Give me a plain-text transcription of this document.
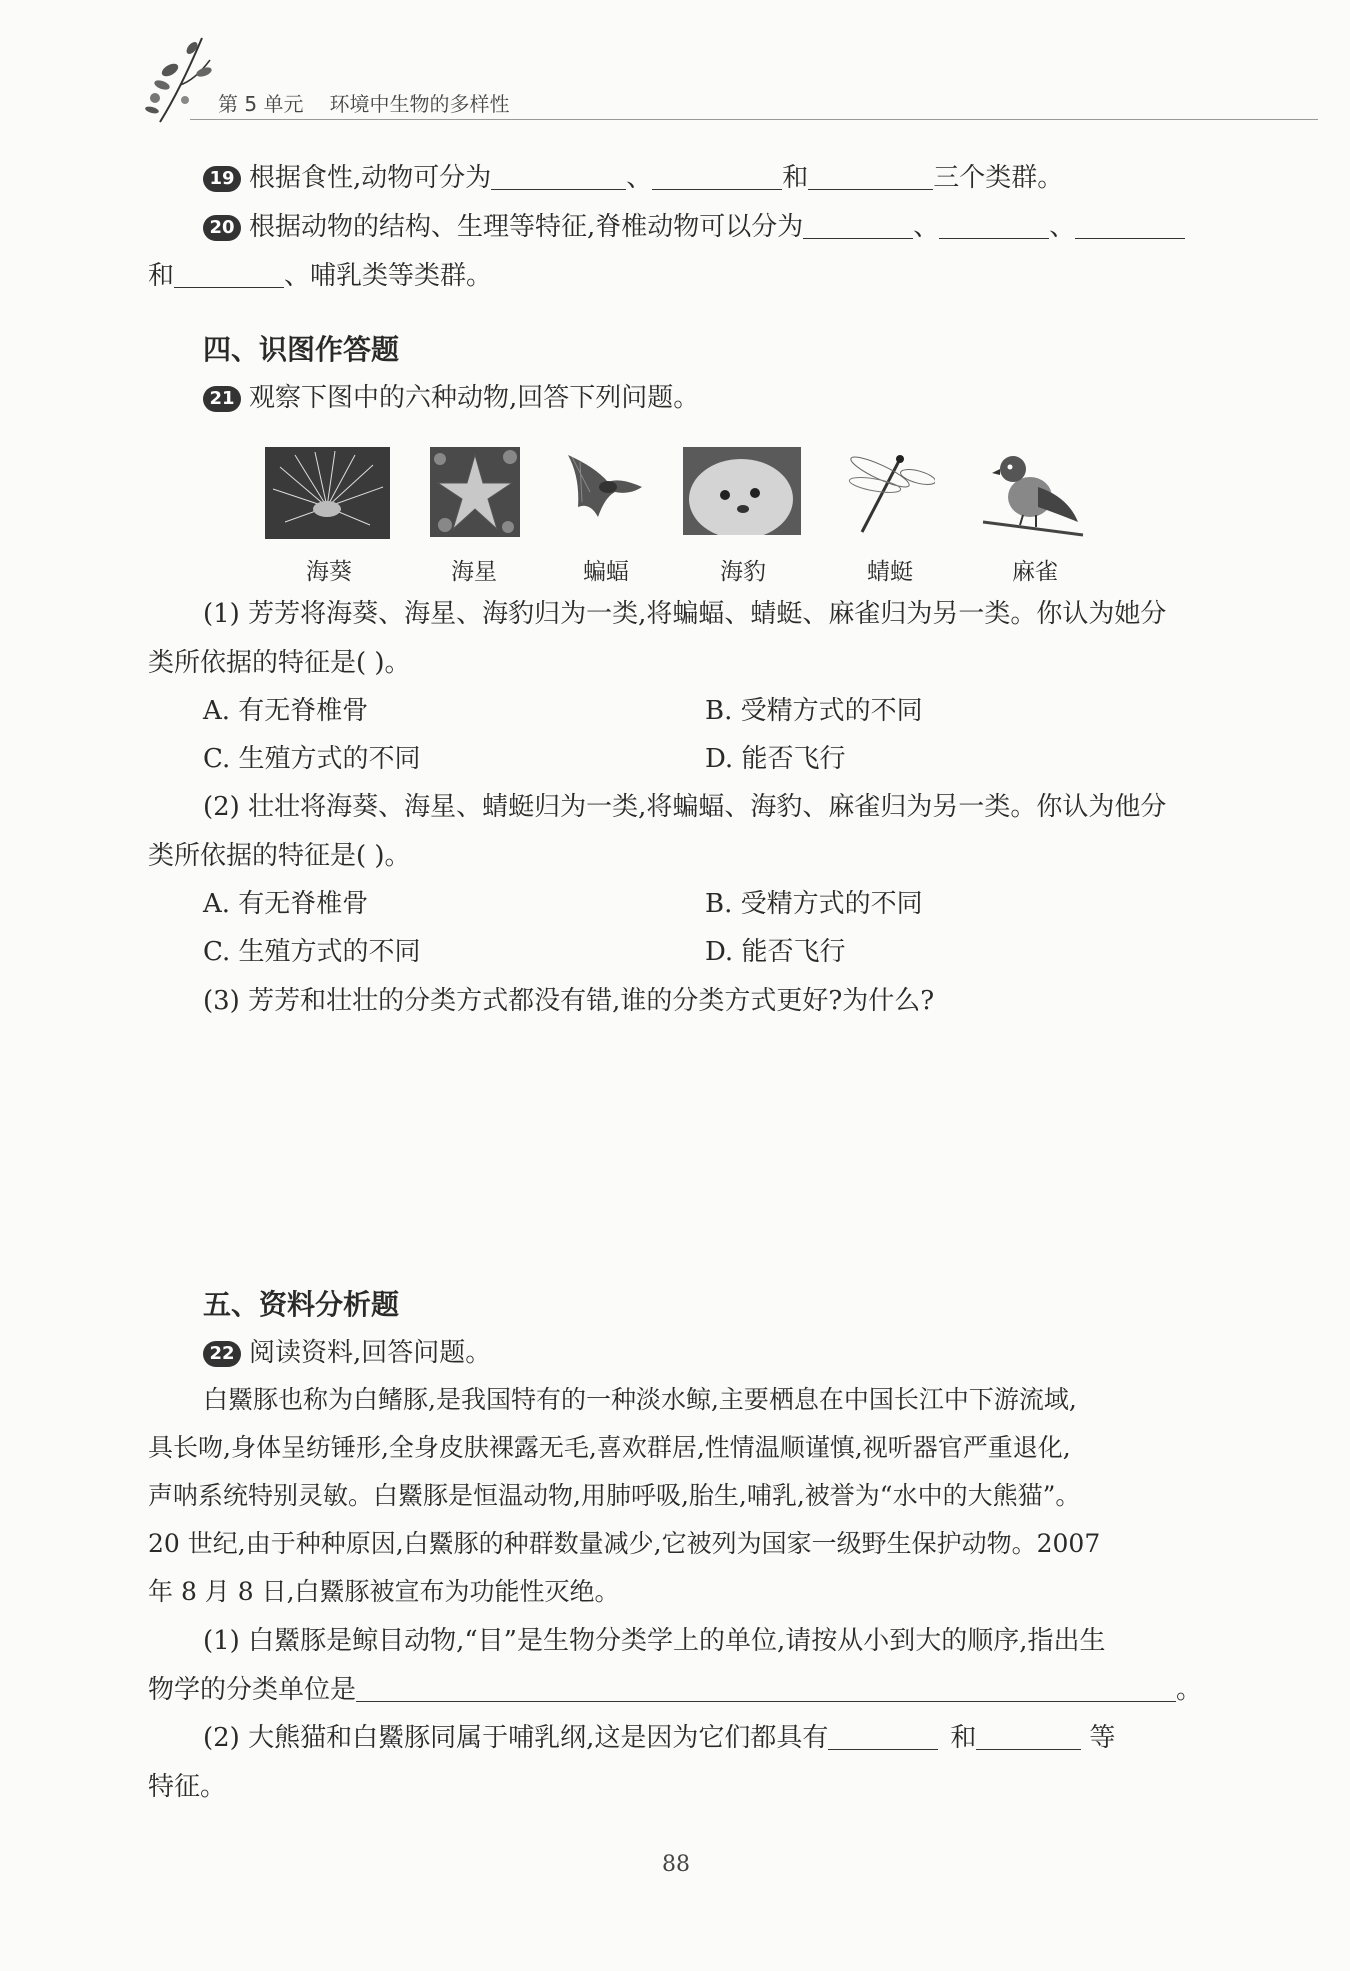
第 5 单元 环境中生物的多样性
19 根据食性,动物可分为	、	和	三个类群。
20 根据动物的结构、生理等特征,脊椎动物可以分为	、	、
和	、哺乳类等类群。
四、识图作答题
21 观察下图中的六种动物,回答下列问题。
海葵	海星	蝙蝠	海豹	蜻蜓	麻雀
(1) 芳芳将海葵、海星、海豹归为一类,将蝙蝠、蜻蜓、麻雀归为另一类。你认为她分
类所依据的特征是( )。
A. 有无脊椎骨	B. 受精方式的不同
C. 生殖方式的不同	D. 能否飞行
(2) 壮壮将海葵、海星、蜻蜓归为一类,将蝙蝠、海豹、麻雀归为另一类。你认为他分
类所依据的特征是( )。
A. 有无脊椎骨	B. 受精方式的不同
C. 生殖方式的不同	D. 能否飞行
(3) 芳芳和壮壮的分类方式都没有错,谁的分类方式更好?为什么?
五、资料分析题
22 阅读资料,回答问题。
白鱀豚也称为白鳍豚,是我国特有的一种淡水鲸,主要栖息在中国长江中下游流域,
具长吻,身体呈纺锤形,全身皮肤裸露无毛,喜欢群居,性情温顺谨慎,视听器官严重退化,
声呐系统特别灵敏。白鱀豚是恒温动物,用肺呼吸,胎生,哺乳,被誉为“水中的大熊猫”。
20 世纪,由于种种原因,白鱀豚的种群数量减少,它被列为国家一级野生保护动物。2007
年 8 月 8 日,白鱀豚被宣布为功能性灭绝。
(1) 白鱀豚是鲸目动物,“目”是生物分类学上的单位,请按从小到大的顺序,指出生
物学的分类单位是	。
(2) 大熊猫和白鱀豚同属于哺乳纲,这是因为它们都具有	和	等
特征。
88
